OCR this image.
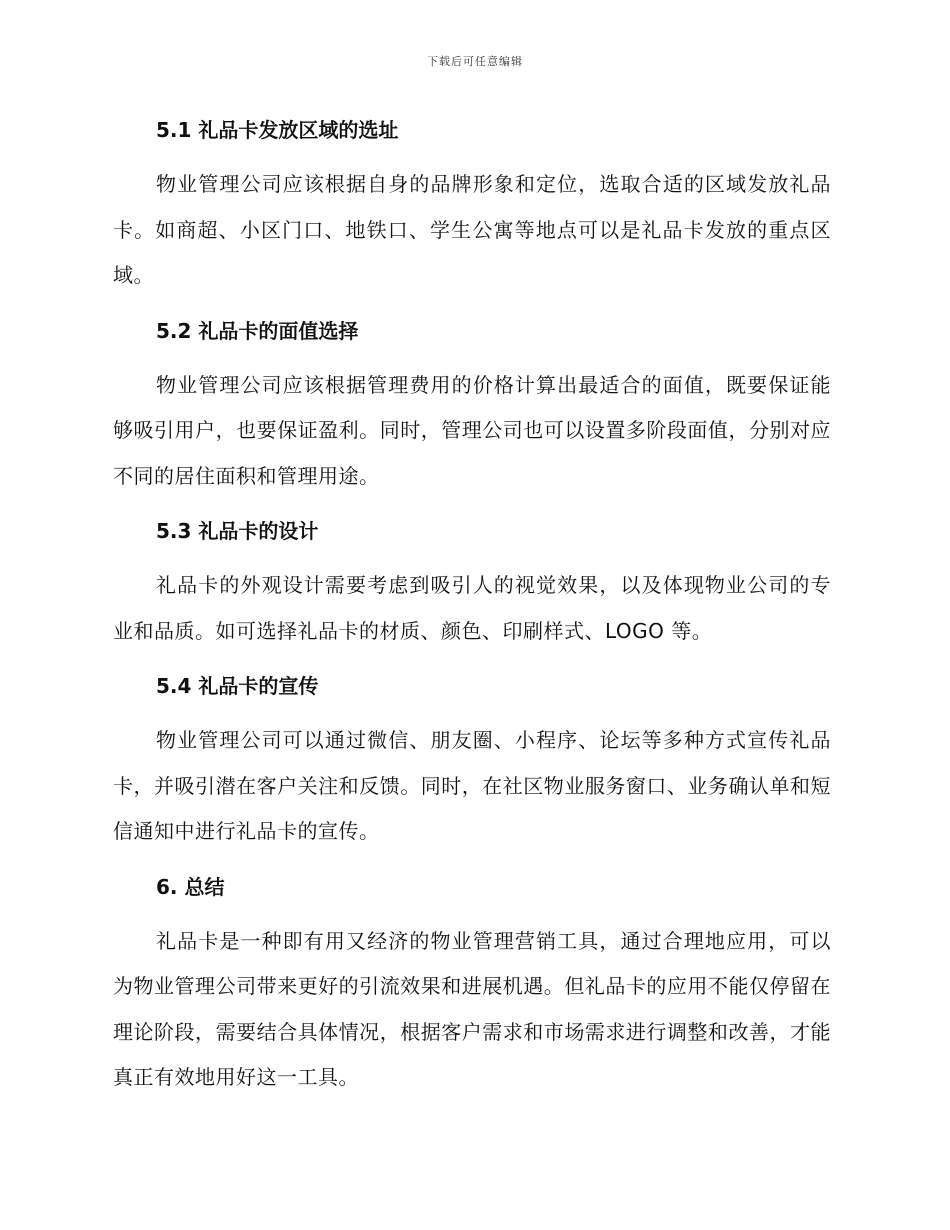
下载后可任意编辑
5.1 礼品卡发放区域的选址

物业管理公司应该根据自身的品牌形象和定位，选取合适的区域发放礼品卡。如商超、小区门口、地铁口、学生公寓等地点可以是礼品卡发放的重点区域。

5.2 礼品卡的面值选择

物业管理公司应该根据管理费用的价格计算出最适合的面值，既要保证能够吸引用户，也要保证盈利。同时，管理公司也可以设置多阶段面值，分别对应不同的居住面积和管理用途。

5.3 礼品卡的设计

礼品卡的外观设计需要考虑到吸引人的视觉效果，以及体现物业公司的专业和品质。如可选择礼品卡的材质、颜色、印刷样式、LOGO 等。

5.4 礼品卡的宣传

物业管理公司可以通过微信、朋友圈、小程序、论坛等多种方式宣传礼品卡，并吸引潜在客户关注和反馈。同时，在社区物业服务窗口、业务确认单和短信通知中进行礼品卡的宣传。

6. 总结

礼品卡是一种即有用又经济的物业管理营销工具，通过合理地应用，可以为物业管理公司带来更好的引流效果和进展机遇。但礼品卡的应用不能仅停留在理论阶段，需要结合具体情况，根据客户需求和市场需求进行调整和改善，才能真正有效地用好这一工具。
